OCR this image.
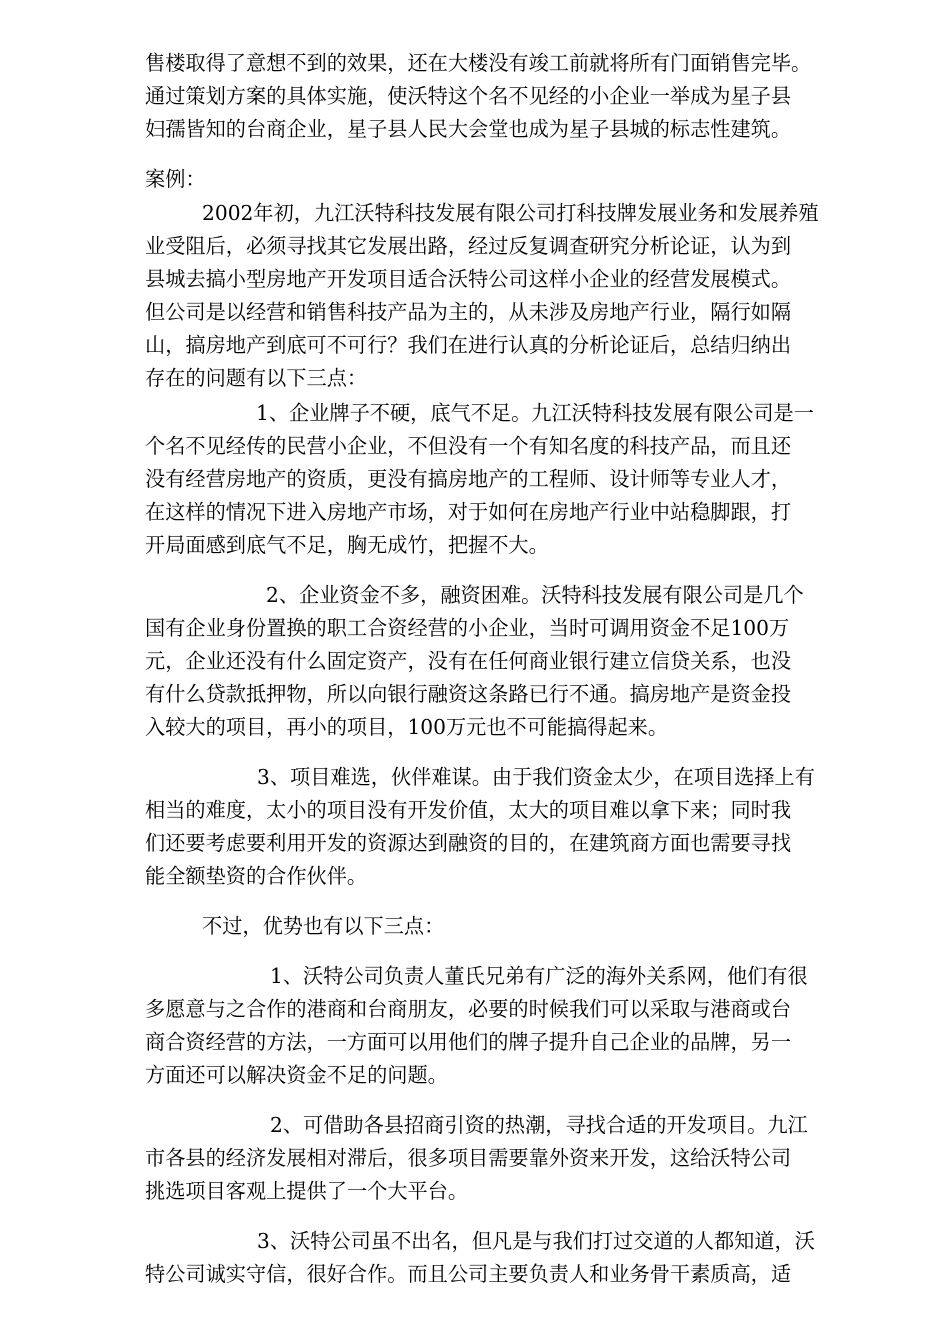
售楼取得了意想不到的效果，还在大楼没有竣工前就将所有门面销售完毕。
通过策划方案的具体实施，使沃特这个名不见经的小企业一举成为星子县
妇孺皆知的台商企业，星子县人民大会堂也成为星子县城的标志性建筑。
案例：
2002年初，九江沃特科技发展有限公司打科技牌发展业务和发展养殖
业受阻后，必须寻找其它发展出路，经过反复调查研究分析论证，认为到
县城去搞小型房地产开发项目适合沃特公司这样小企业的经营发展模式。
但公司是以经营和销售科技产品为主的，从未涉及房地产行业，隔行如隔
山，搞房地产到底可不可行？我们在进行认真的分析论证后，总结归纳出
存在的问题有以下三点：
1、企业牌子不硬，底气不足。九江沃特科技发展有限公司是一
个名不见经传的民营小企业，不但没有一个有知名度的科技产品，而且还
没有经营房地产的资质，更没有搞房地产的工程师、设计师等专业人才，
在这样的情况下进入房地产市场，对于如何在房地产行业中站稳脚跟，打
开局面感到底气不足，胸无成竹，把握不大。
2、企业资金不多，融资困难。沃特科技发展有限公司是几个
国有企业身份置换的职工合资经营的小企业，当时可调用资金不足100万
元，企业还没有什么固定资产，没有在任何商业银行建立信贷关系，也没
有什么贷款抵押物，所以向银行融资这条路已行不通。搞房地产是资金投
入较大的项目，再小的项目，100万元也不可能搞得起来。
3、项目难选，伙伴难谋。由于我们资金太少，在项目选择上有
相当的难度，太小的项目没有开发价值，太大的项目难以拿下来；同时我
们还要考虑要利用开发的资源达到融资的目的，在建筑商方面也需要寻找
能全额垫资的合作伙伴。
不过，优势也有以下三点：
1、沃特公司负责人董氏兄弟有广泛的海外关系网，他们有很
多愿意与之合作的港商和台商朋友，必要的时候我们可以采取与港商或台
商合资经营的方法，一方面可以用他们的牌子提升自己企业的品牌，另一
方面还可以解决资金不足的问题。
2、可借助各县招商引资的热潮，寻找合适的开发项目。九江
市各县的经济发展相对滞后，很多项目需要靠外资来开发，这给沃特公司
挑选项目客观上提供了一个大平台。
3、沃特公司虽不出名，但凡是与我们打过交道的人都知道，沃
特公司诚实守信，很好合作。而且公司主要负责人和业务骨干素质高，适
